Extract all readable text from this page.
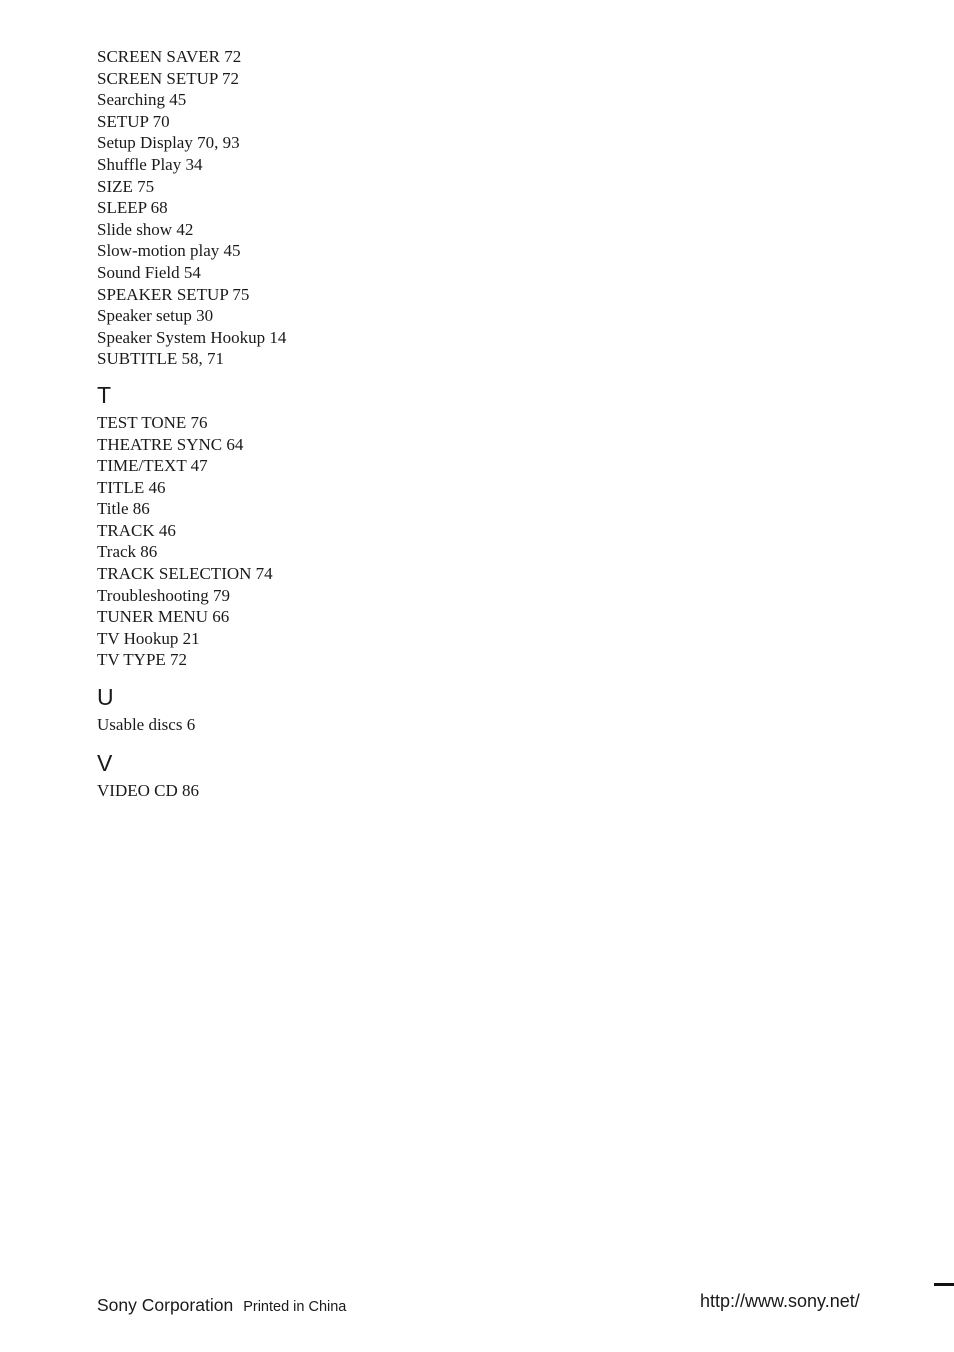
SCREEN SAVER 72
SCREEN SETUP 72
Searching 45
SETUP 70
Setup Display 70, 93
Shuffle Play 34
SIZE 75
SLEEP 68
Slide show 42
Slow-motion play 45
Sound Field 54
SPEAKER SETUP 75
Speaker setup 30
Speaker System Hookup 14
SUBTITLE 58, 71
T
TEST TONE 76
THEATRE SYNC 64
TIME/TEXT 47
TITLE 46
Title 86
TRACK 46
Track 86
TRACK SELECTION 74
Troubleshooting 79
TUNER MENU 66
TV Hookup 21
TV TYPE 72
U
Usable discs 6
V
VIDEO CD 86
Sony Corporation Printed in China	http://www.sony.net/
